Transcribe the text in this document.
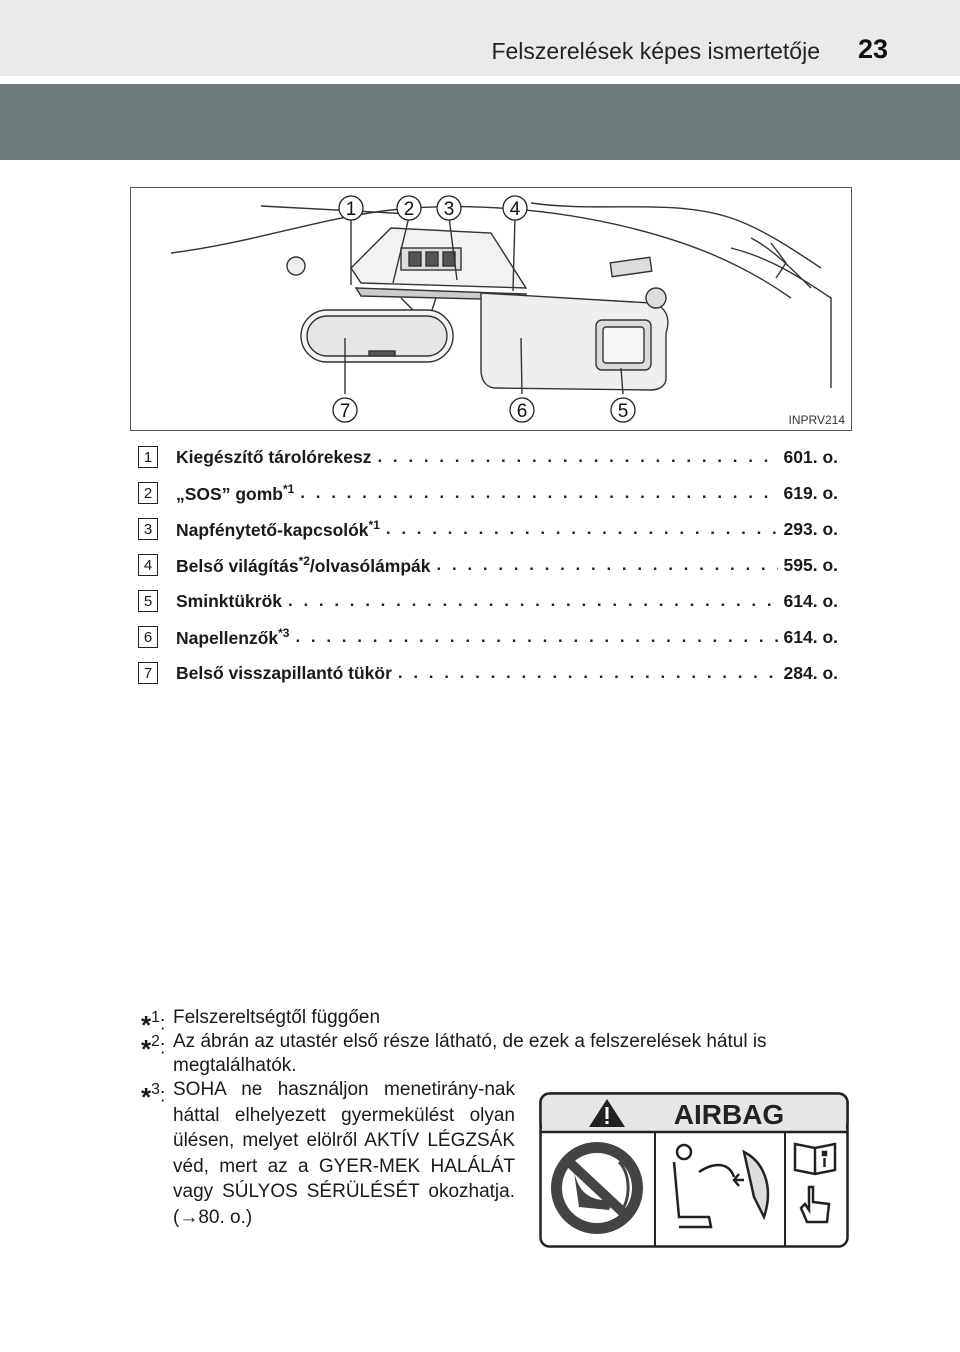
Felszerelések képes ismertetője 23
1 2 3	4
5
6
7	INPRV214
1	Kiegészítő tárolórekesz . . .	601. o.
2	„SOS” gomb$^{*1}$ . . .	619. o.
3	Napfénytető-kapcsolók$^{*1}$ . . .	293. o.
4	Belső világítás$^{*2}$/olvasólámpák . . .	595. o.
5	Sminktükrök . . .	614. o.
6	Napellenzők$^{*3}$ . . .	614. o.
7	Belső visszapillantó tükör . . .	284. o.
*$^1$: Felszereltségtől függően
*$^2$: Az ábrán az utastér első része látható, de ezek a felszerelések hátul is megtalálhatók.
*$^3$: SOHA ne használjon menetirány-nak háttal elhelyezett gyermekülést olyan ülésen, melyet elölről AKTÍV LÉGZSÁK véd, mert az a GYER-MEK HALÁLÁT vagy SÚLYOS SÉRÜLÉSÉT okozhatja. (→80. o.)
AIRBAG
